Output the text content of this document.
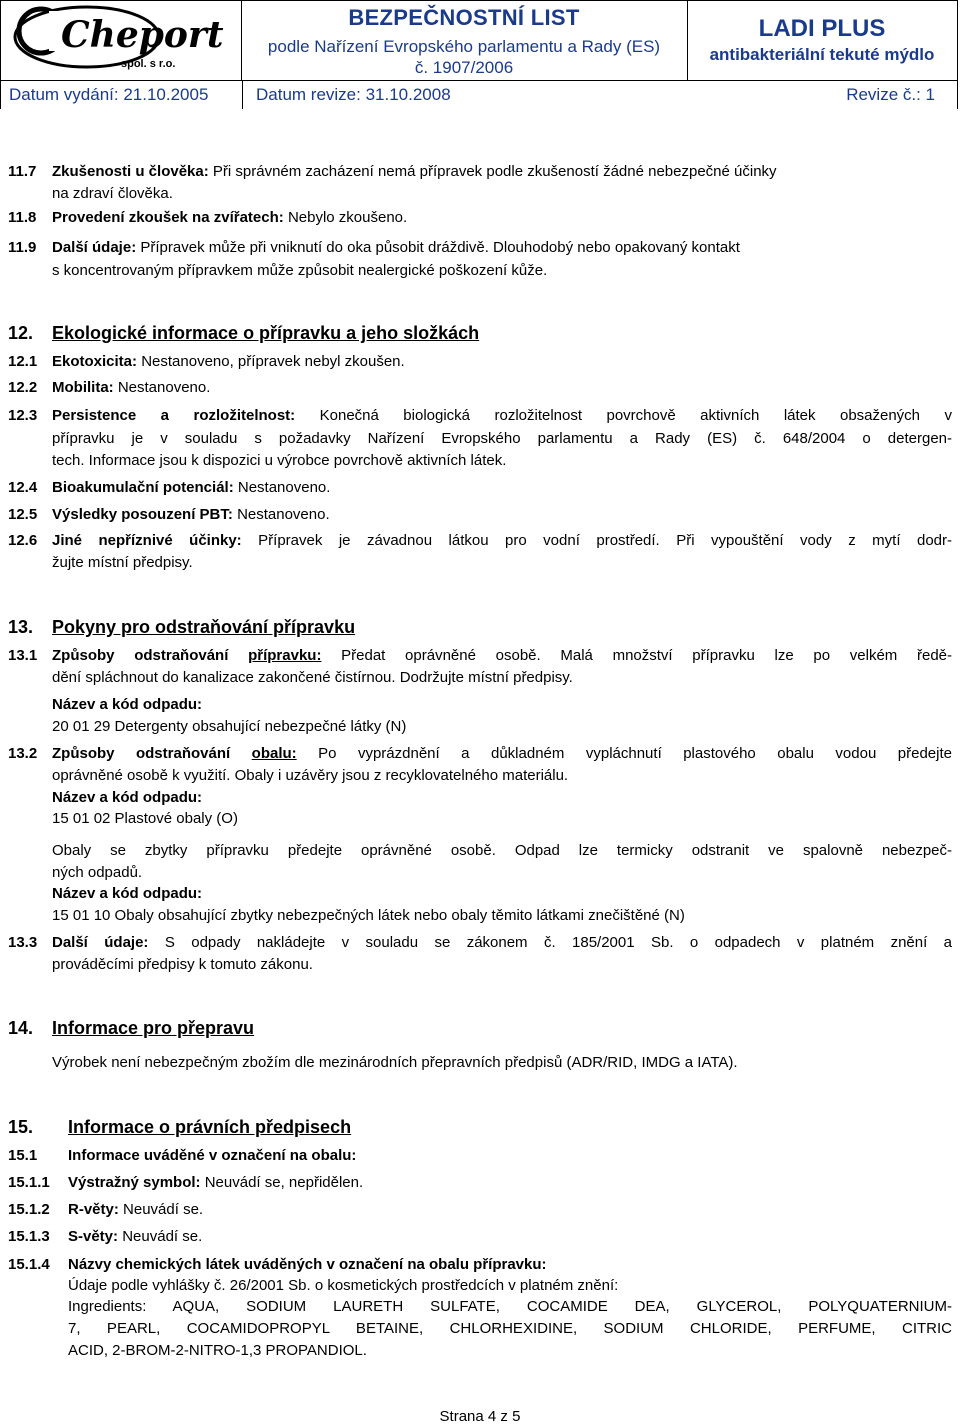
Cheport
spol. s r.o.
BEZPEČNOSTNÍ LIST
podle Nařízení Evropského parlamentu a Rady (ES)
č. 1907/2006
LADI PLUS
antibakteriální tekuté mýdlo
Datum vydání: 21.10.2005	Datum revize: 31.10.2008	Revize č.: 1
11.7 Zkušenosti u člověka: Při správném zacházení nemá přípravek podle zkušeností žádné nebezpečné účinky
na zdraví člověka.
11.8 Provedení zkoušek na zvířatech: Nebylo zkoušeno.
11.9 Další údaje: Přípravek může při vniknutí do oka působit dráždivě. Dlouhodobý nebo opakovaný kontakt
s koncentrovaným přípravkem může způsobit nealergické poškození kůže.
12. Ekologické informace o přípravku a jeho složkách
12.1 Ekotoxicita: Nestanoveno, přípravek nebyl zkoušen.
12.2 Mobilita: Nestanoveno.
12.3 Persistence a rozložitelnost: Konečná biologická rozložitelnost povrchově aktivních látek obsažených v
přípravku je v souladu s požadavky Nařízení Evropského parlamentu a Rady (ES) č. 648/2004 o detergen-
tech. Informace jsou k dispozici u výrobce povrchově aktivních látek.
12.4 Bioakumulační potenciál: Nestanoveno.
12.5 Výsledky posouzení PBT: Nestanoveno.
12.6 Jiné nepříznivé účinky: Přípravek je závadnou látkou pro vodní prostředí. Při vypouštění vody z mytí dodr-
žujte místní předpisy.
13. Pokyny pro odstraňování přípravku
13.1 Způsoby odstraňování přípravku: Předat oprávněné osobě. Malá množství přípravku lze po velkém ředě-
dění spláchnout do kanalizace zakončené čistírnou. Dodržujte místní předpisy.
Název a kód odpadu:
20 01 29 Detergenty obsahující nebezpečné látky (N)
13.2 Způsoby odstraňování obalu: Po vyprázdnění a důkladném vypláchnutí plastového obalu vodou předejte
oprávněné osobě k využití. Obaly i uzávěry jsou z recyklovatelného materiálu.
Název a kód odpadu:
15 01 02 Plastové obaly (O)
Obaly se zbytky přípravku předejte oprávněné osobě. Odpad lze termicky odstranit ve spalovně nebezpeč-
ných odpadů.
Název a kód odpadu:
15 01 10 Obaly obsahující zbytky nebezpečných látek nebo obaly těmito látkami znečištěné (N)
13.3 Další údaje: S odpady nakládejte v souladu se zákonem č. 185/2001 Sb. o odpadech v platném znění a
prováděcími předpisy k tomuto zákonu.
14. Informace pro přepravu
Výrobek není nebezpečným zbožím dle mezinárodních přepravních předpisů (ADR/RID, IMDG a IATA).
15. Informace o právních předpisech
15.1 Informace uváděné v označení na obalu:
15.1.1 Výstražný symbol: Neuvádí se, nepřidělen.
15.1.2 R-věty: Neuvádí se.
15.1.3 S-věty: Neuvádí se.
15.1.4 Názvy chemických látek uváděných v označení na obalu přípravku:
Údaje podle vyhlášky č. 26/2001 Sb. o kosmetických prostředcích v platném znění:
Ingredients: AQUA, SODIUM LAURETH SULFATE, COCAMIDE DEA, GLYCEROL, POLYQUATERNIUM-
7, PEARL, COCAMIDOPROPYL BETAINE, CHLORHEXIDINE, SODIUM CHLORIDE, PERFUME, CITRIC
ACID, 2-BROM-2-NITRO-1,3 PROPANDIOL.
Strana 4 z 5
